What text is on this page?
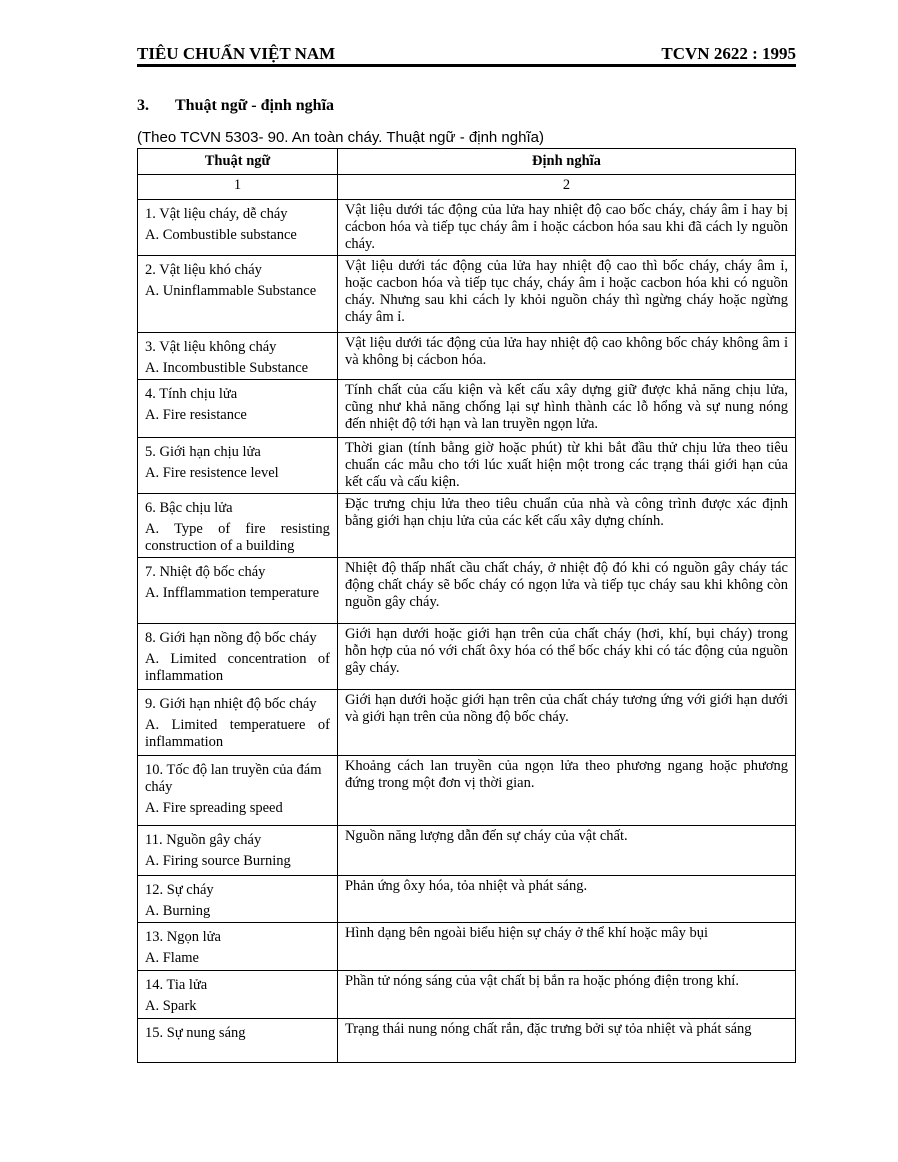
TIÊU CHUẨN VIỆT NAM	TCVN 2622 : 1995
3.	Thuật ngữ - định nghĩa
(Theo TCVN 5303- 90. An toàn cháy. Thuật ngữ - định nghĩa)
Thuật ngữ	Định nghĩa
1	2

1. Vật liệu cháy, dễ cháy
A. Combustible substance	Vật liệu dưới tác động của lửa hay nhiệt độ cao bốc cháy, cháy âm ỉ hay bị cácbon hóa và tiếp tục cháy âm ỉ hoặc cácbon hóa sau khi đã cách ly nguồn cháy.

2. Vật liệu khó cháy
A. Uninflammable Substance	Vật liệu dưới tác động của lửa hay nhiệt độ cao thì bốc cháy, cháy âm ỉ, hoặc cacbon hóa và tiếp tục cháy, cháy âm ỉ hoặc cacbon hóa khi có nguồn cháy. Nhưng sau khi cách ly khỏi nguồn cháy thì ngừng cháy hoặc ngừng cháy âm ỉ.

3. Vật liệu không cháy
A. Incombustible Substance	Vật liệu dưới tác động của lửa hay nhiệt độ cao không bốc cháy không âm ỉ và không bị cácbon hóa.

4. Tính chịu lửa
A. Fire resistance	Tính chất của cấu kiện và kết cấu xây dựng giữ được khả năng chịu lửa, cũng như khả năng chống lại sự hình thành các lỗ hổng và sự nung nóng đến nhiệt độ tới hạn và lan truyền ngọn lửa.

5. Giới hạn chịu lửa
A. Fire resistence level	Thời gian (tính bằng giờ hoặc phút) từ khi bắt đầu thử chịu lửa theo tiêu chuẩn các mẫu cho tới lúc xuất hiện một trong các trạng thái giới hạn của kết cấu và cấu kiện.

6. Bậc chịu lửa
A. Type of fire resisting construction of a building	Đặc trưng chịu lửa theo tiêu chuẩn của nhà và công trình được xác định bằng giới hạn chịu lửa của các kết cấu xây dựng chính.

7. Nhiệt độ bốc cháy
A. Infflammation temperature	Nhiệt độ thấp nhất cầu chất cháy, ở nhiệt độ đó khi có nguồn gây cháy tác động chất cháy sẽ bốc cháy có ngọn lửa và tiếp tục cháy sau khi không còn nguồn gây cháy.

8. Giới hạn nồng độ bốc cháy
A. Limited concentration of inflammation	Giới hạn dưới hoặc giới hạn trên của chất cháy (hơi, khí, bụi cháy) trong hỗn hợp của nó với chất ôxy hóa có thể bốc cháy khi có tác động của nguồn gây cháy.

9. Giới hạn nhiệt độ bốc cháy
A. Limited temperatuere of inflammation	Giới hạn dưới hoặc giới hạn trên của chất cháy tương ứng với giới hạn dưới và giới hạn trên của nồng độ bốc cháy.

10. Tốc độ lan truyền của đám cháy
A. Fire spreading speed	Khoảng cách lan truyền của ngọn lửa theo phương ngang hoặc phương đứng trong một đơn vị thời gian.

11. Nguồn gây cháy
A. Firing source Burning	Nguồn năng lượng dẫn đến sự cháy của vật chất.

12. Sự cháy
A. Burning	Phản ứng ôxy hóa, tỏa nhiệt và phát sáng.

13. Ngọn lửa
A. Flame	Hình dạng bên ngoài biểu hiện sự cháy ở thể khí hoặc mây bụi

14. Tia lửa
A. Spark	Phần tử nóng sáng của vật chất bị bắn ra hoặc phóng điện trong khí.

15. Sự nung sáng	Trạng thái nung nóng chất rắn, đặc trưng bởi sự tỏa nhiệt và phát sáng
